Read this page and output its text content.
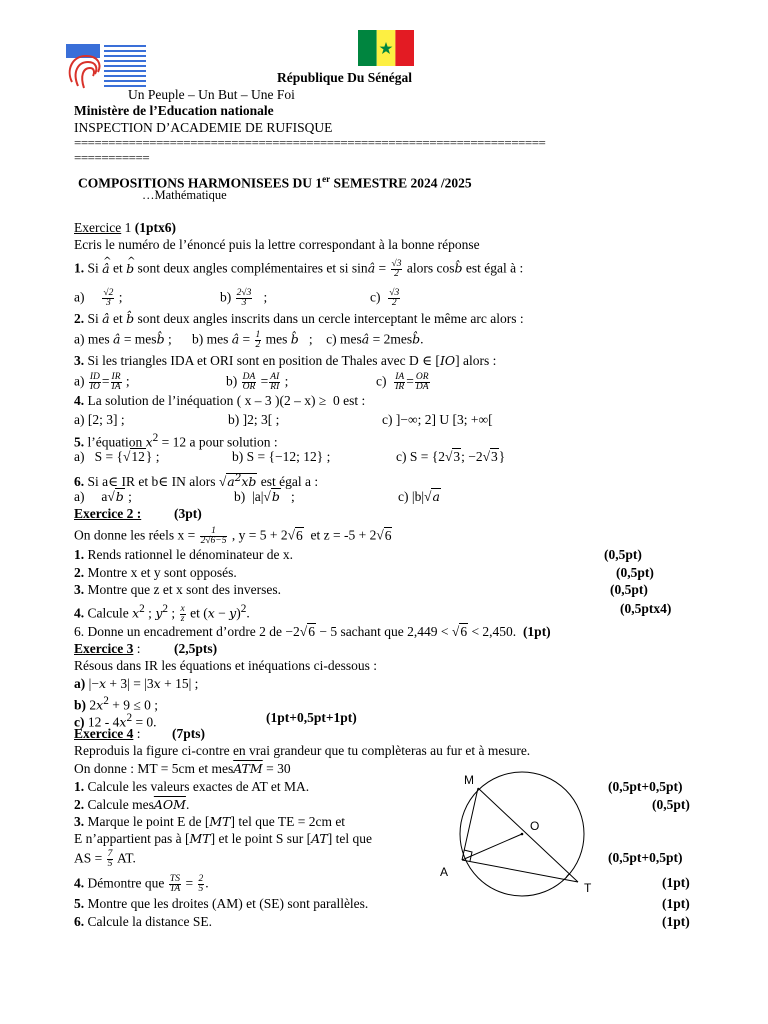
République Du Sénégal
Un Peuple – Un But – Une Foi
Ministère de l’Education nationale
INSPECTION D’ACADEMIE DE RUFISQUE
=====================================================================
===========
COMPOSITIONS HARMONISEES DU 1er SEMESTRE 2024 /2025
…Mathématique
Exercice 1 (1ptx6)
Ecris le numéro de l’énoncé puis la lettre correspondant à la bonne réponse
1. Si ^ â et ^ b sont deux angles complémentaires et si sinâ = $\frac{√3}{2}$ alors cosb̂ est égal à :
$a) \frac{√2}{3}$ ;	$b) \frac{2√3}{3}$ ;	$c) \frac{√3}{2}$
2. Si â et b̂ sont deux angles inscrits dans un cercle interceptant le même arc alors :
a) mes â = mesb̂ ;      b) mes â = $\frac{1}{2}$ mes b̂   ;    c) mesâ = 2mesb̂.
3. Si les triangles IDA et ORI sont en position de Thales avec D ∈ [IO] alors :
$a) \frac{ID}{IO} = \frac{IR}{IA}$ ;	$b) \frac{DA}{OR} = \frac{AI}{RI}$ ;	$c) \frac{IA}{IR} = \frac{OR}{DA}$
4. La solution de l’inéquation ( x – 3 )(2 – x) ≥  0 est :
a) [2; 3] ;	b) ]2; 3[ ;	c) ]−∞; 2] U [3; +∞[
5. l’équation $x^2 = 12$ a pour solution :
a)   S = {√12} ;	b) S = {−12; 12} ;	c) S = {2√3; −2√3}
6. Si a∈ IR et b∈ IN alors $√a^2xb$ est égal a :
a)     a√b ;	b)  |a|√b   ;	c) |b|√a
Exercice 2 : (3pt)
On donne les réels $x = \frac{1}{2√6-5}$ , y = 5 + 2√6  et z = -5 + 2√6
1. Rends rationnel le dénominateur de x.	(0,5pt)
2. Montre x et y sont opposés.	(0,5pt)
3. Montre que z et x sont des inverses.	(0,5pt)
4. Calcule $x^2$ ; $y^2$ ; $\frac{x}{z}$ et $(x - y)^2$.	(0,5ptx4)
6. Donne un encadrement d’ordre 2 de −2√6 − 5 sachant que 2,449 < √6 < 2,450.  (1pt)
Exercice 3 : (2,5pts)
Résous dans IR les équations et inéquations ci-dessous :
a) |−x + 3| = |3x + 15| ;
b) $2x^2 + 9 \le 0$ ;
c) $12 - 4x^2 = 0$.	(1pt+0,5pt+1pt)
Exercice 4 : (7pts)
Reproduis la figure ci-contre en vrai grandeur que tu complèteras au fur et à mesure.
On donne : MT = 5cm et $mes\overline{ATM} = 30$
1. Calcule les valeurs exactes de AT et MA.	(0,5pt+0,5pt)
2. Calcule $mes\overline{AOM}$.	(0,5pt)
3. Marque le point E de [MT] tel que TE = 2cm et
E n’appartient pas à [MT] et le point S sur [AT] tel que
AS = $\frac{7}{5}$ AT.	(0,5pt+0,5pt)
4. Démontre que $\frac{TS}{TA} = \frac{2}{5}$ .	(1pt)
5. Montre que les droites (AM) et (SE) sont parallèles.	(1pt)
6. Calcule la distance SE.	(1pt)
M
O
A
T
